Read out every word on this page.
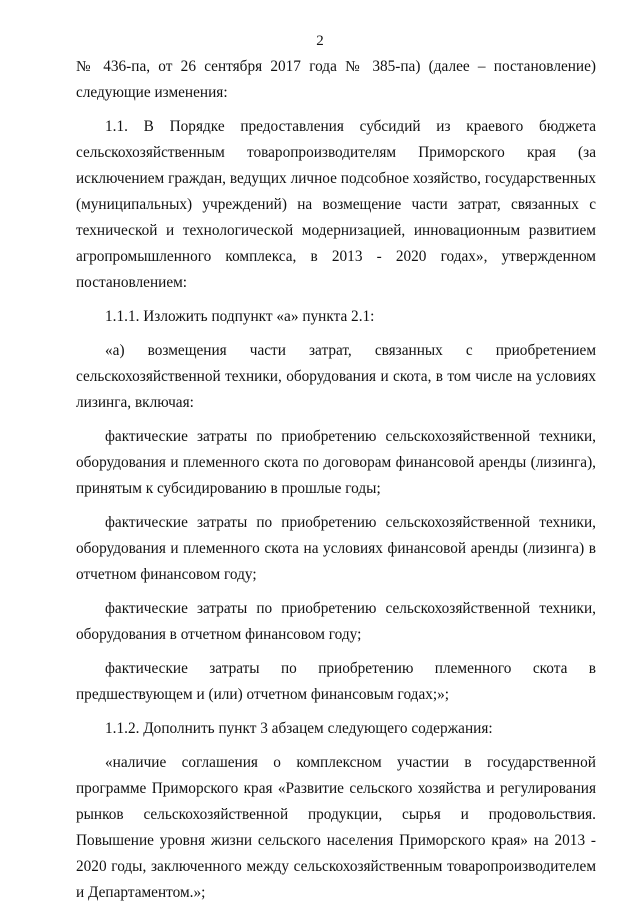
2

№ 436-па, от 26 сентября 2017 года № 385-па) (далее – постановление) следующие изменения:

1.1. В Порядке предоставления субсидий из краевого бюджета сельскохозяйственным товаропроизводителям Приморского края (за исключением граждан, ведущих личное подсобное хозяйство, государственных (муниципальных) учреждений) на возмещение части затрат, связанных с технической и технологической модернизацией, инновационным развитием агропромышленного комплекса, в 2013 - 2020 годах», утвержденном постановлением:

1.1.1. Изложить подпункт «а» пункта 2.1:

«а) возмещения части затрат, связанных с приобретением сельскохозяйственной техники, оборудования и скота, в том числе на условиях лизинга, включая:

фактические затраты по приобретению сельскохозяйственной техники, оборудования и племенного скота по договорам финансовой аренды (лизинга), принятым к субсидированию в прошлые годы;

фактические затраты по приобретению сельскохозяйственной техники, оборудования и племенного скота на условиях финансовой аренды (лизинга) в отчетном финансовом году;

фактические затраты по приобретению сельскохозяйственной техники, оборудования в отчетном финансовом году;

фактические затраты по приобретению племенного скота в предшествующем и (или) отчетном финансовым годах;»;

1.1.2. Дополнить пункт 3 абзацем следующего содержания:

«наличие соглашения о комплексном участии в государственной программе Приморского края «Развитие сельского хозяйства и регулирования рынков сельскохозяйственной продукции, сырья и продовольствия. Повышение уровня жизни сельского населения Приморского края» на 2013 - 2020 годы, заключенного между сельскохозяйственным товаропроизводителем и Департаментом.»;
